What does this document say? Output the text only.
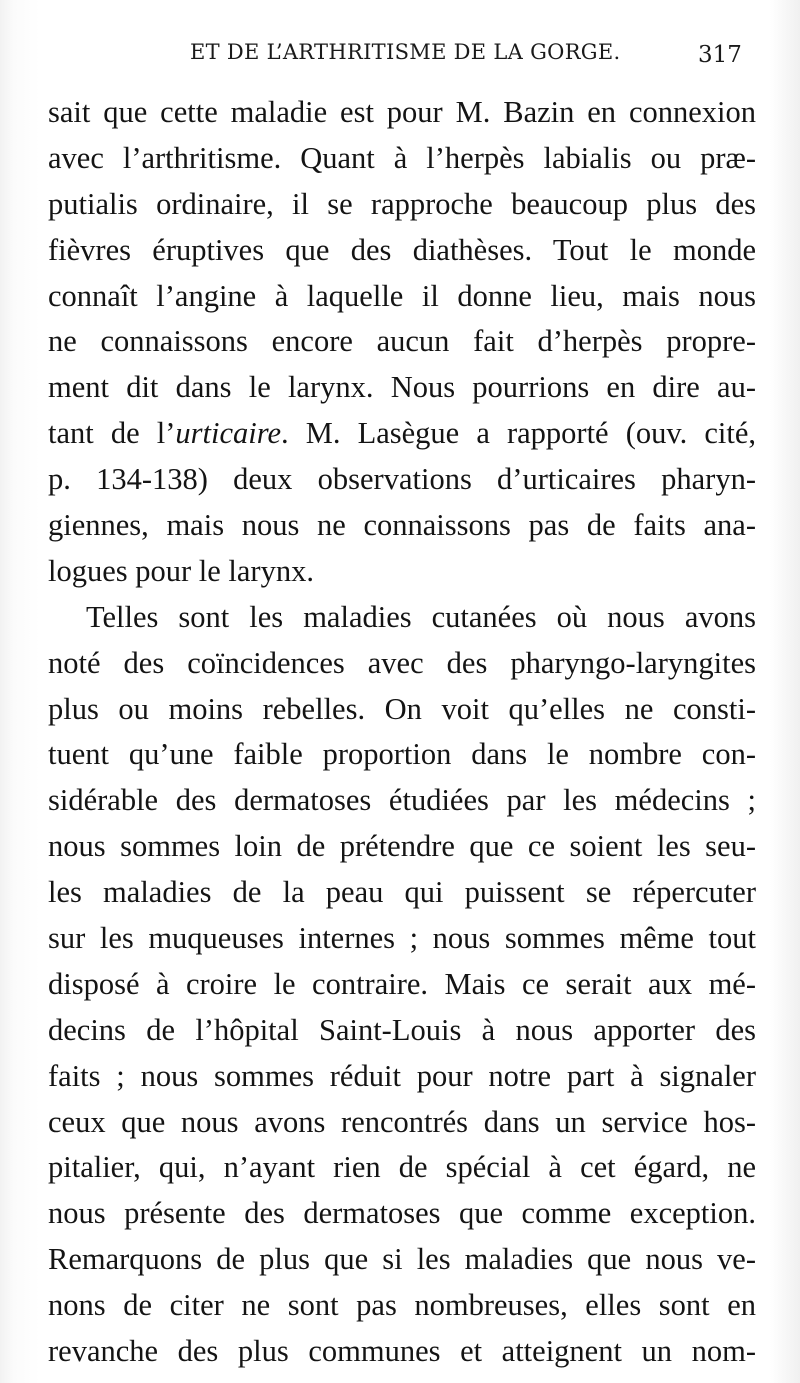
ET DE L’ARTHRITISME DE LA GORGE.	317
sait que cette maladie est pour M. Bazin en connexion
avec l’arthritisme. Quant à l’herpès labialis ou præ-
putialis ordinaire, il se rapproche beaucoup plus des
fièvres éruptives que des diathèses. Tout le monde
connaît l’angine à laquelle il donne lieu, mais nous
ne connaissons encore aucun fait d’herpès propre-
ment dit dans le larynx. Nous pourrions en dire au-
tant de l’urticaire. M. Lasègue a rapporté (ouv. cité,
p. 134-138) deux observations d’urticaires pharyn-
giennes, mais nous ne connaissons pas de faits ana-
logues pour le larynx.
Telles sont les maladies cutanées où nous avons
noté des coïncidences avec des pharyngo-laryngites
plus ou moins rebelles. On voit qu’elles ne consti-
tuent qu’une faible proportion dans le nombre con-
sidérable des dermatoses étudiées par les médecins ;
nous sommes loin de prétendre que ce soient les seu-
les maladies de la peau qui puissent se répercuter
sur les muqueuses internes ; nous sommes même tout
disposé à croire le contraire. Mais ce serait aux mé-
decins de l’hôpital Saint-Louis à nous apporter des
faits ; nous sommes réduit pour notre part à signaler
ceux que nous avons rencontrés dans un service hos-
pitalier, qui, n’ayant rien de spécial à cet égard, ne
nous présente des dermatoses que comme exception.
Remarquons de plus que si les maladies que nous ve-
nons de citer ne sont pas nombreuses, elles sont en
revanche des plus communes et atteignent un nom-
